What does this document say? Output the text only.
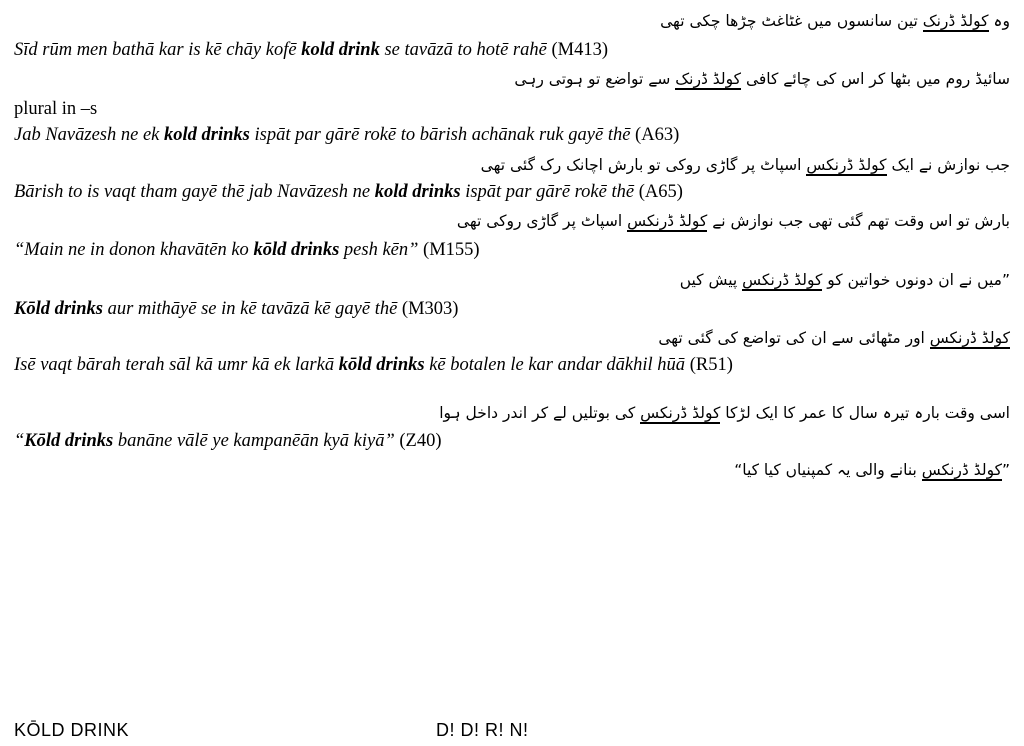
وہ کولڈ ڈرنک تین سانسوں میں غٹاغٹ چڑھا چکی تھی
Sīd rūm men bathā kar is kē chāy kofē kold drink se tavāzā to hotē rahē (M413)
سائیڈ روم میں بٹھا کر اس کی چائے کافی کولڈ ڈرنک سے تواضع تو ہوتی رہی
plural in –s
Jab Navāzesh ne ek kold drinks ispāt par gārē rokē to bārish achānak ruk gayē thē (A63)
جب نوازش نے ایک کولڈ ڈرنکس اسپاٹ پر گاڑی روکی تو بارش اچانک رک گئی تھی
Bārish to is vaqt tham gayē thē jab Navāzesh ne kold drinks ispāt par gārē rokē thē (A65)
بارش تو اس وقت تھم گئی تھی جب نوازش نے کولڈ ڈرنکس اسپاٹ پر گاڑی روکی تھی
“Main ne in donon khavātēn ko kōld drinks pesh kēn” (M155)
”میں نے ان دونوں خواتین کو کولڈ ڈرنکس پیش کیں
Kōld drinks aur mithāyē se in kē tavāzā kē gayē thē (M303)
کولڈ ڈرنکس اور مٹھائی سے ان کی تواضع کی گئی تھی
Isē vaqt bārah terah sāl kā umr kā ek larkā kōld drinks kē botalen le kar andar dākhil hūā (R51)
اسی وقت بارہ تیرہ سال کا عمر کا ایک لڑکا کولڈ ڈرنکس کی بوتلیں لے کر اندر داخل ہوا
“Kōld drinks banāne vālē ye kampanēān kyā kiyā” (Z40)
”کولڈ ڈرنکس بنانے والی یہ کمپنیاں کیا کیا“
KŌLD DRINK	D! D! R! N!
